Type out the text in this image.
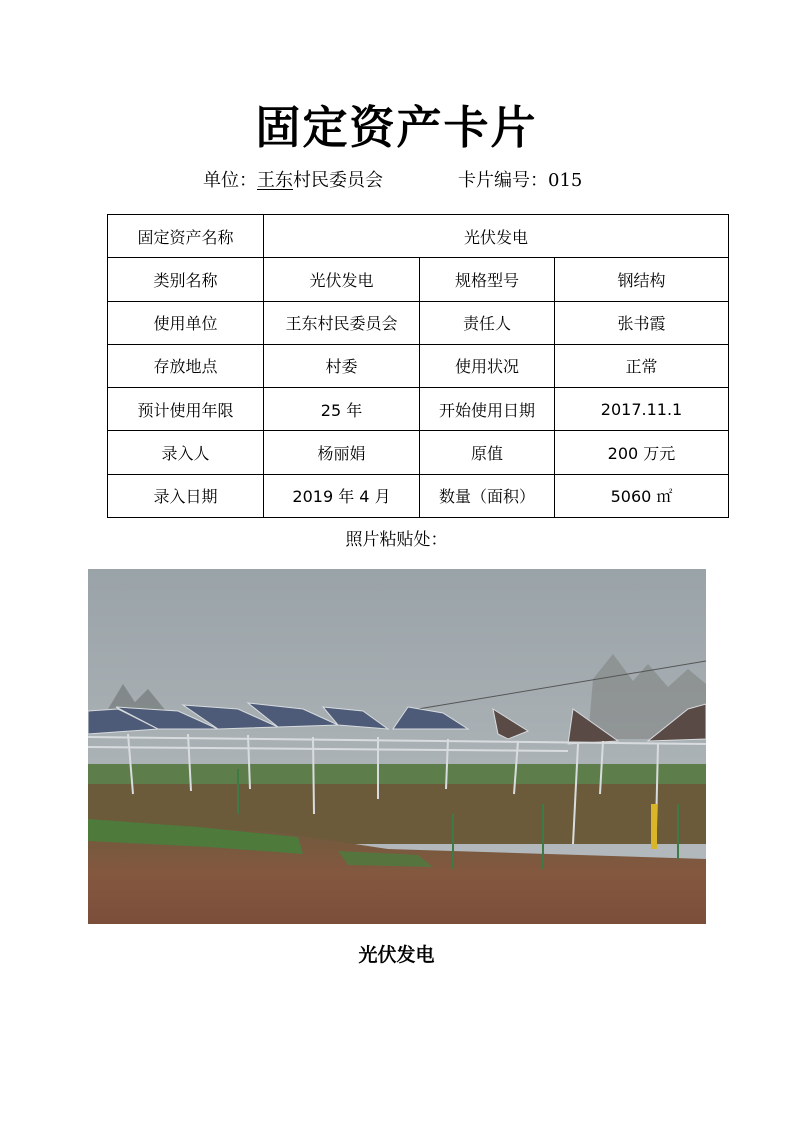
固定资产卡片
单位：王东村民委员会	卡片编号：015
固定资产名称	光伏发电		
类别名称	光伏发电	规格型号	钢结构
使用单位	王东村民委员会	责任人	张书霞
存放地点	村委	使用状况	正常
预计使用年限	25 年	开始使用日期	2017.11.1
录入人	杨丽娟	原值	200 万元
录入日期	2019 年 4 月	数量（面积）	5060 ㎡
照片粘贴处：
光伏发电
